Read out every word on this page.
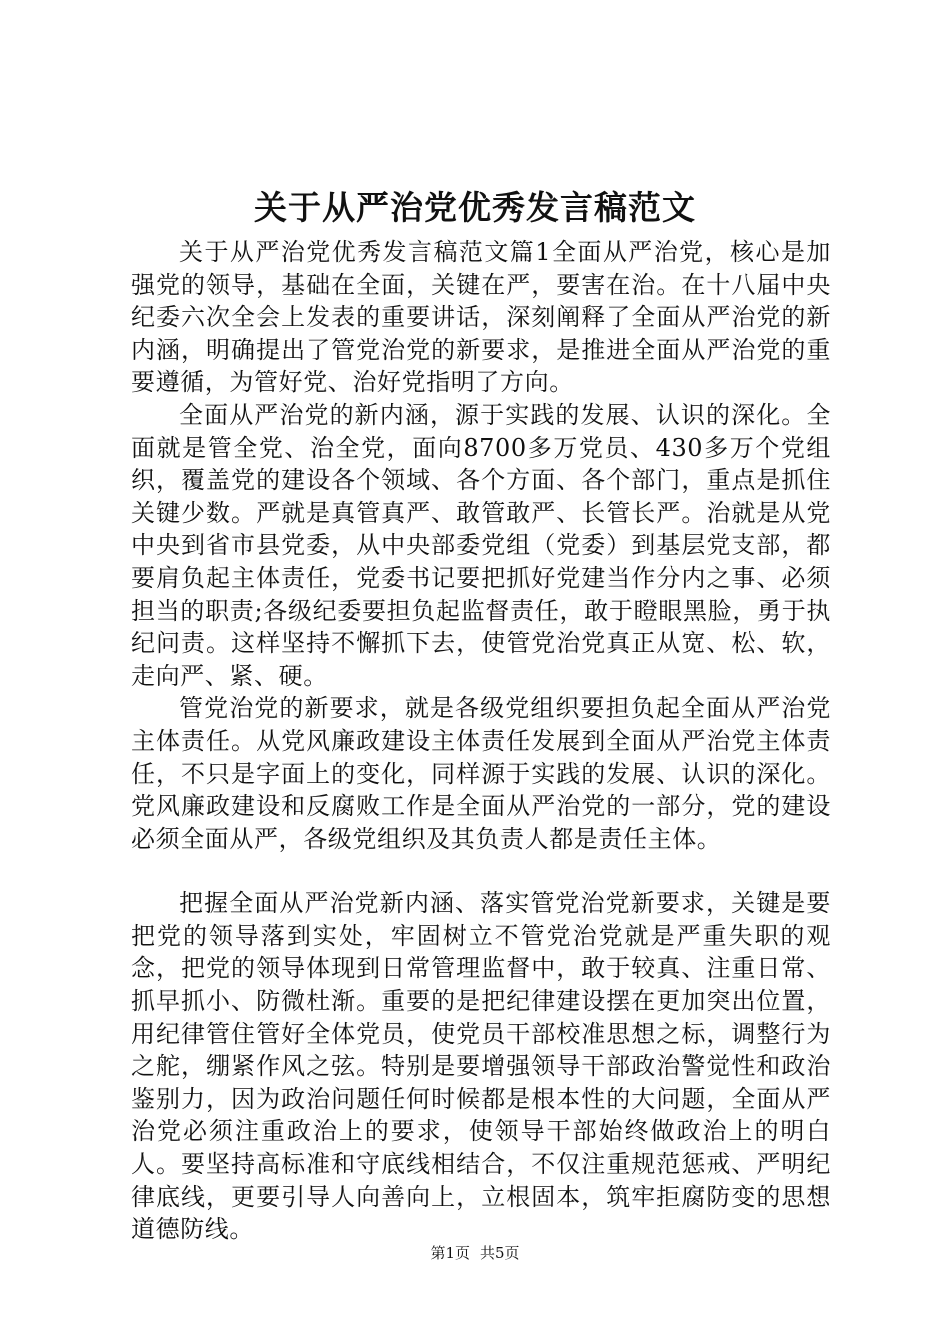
关于从严治党优秀发言稿范文

关于从严治党优秀发言稿范文篇1全面从严治党，核心是加强党的领导，基础在全面，关键在严，要害在治。在十八届中央纪委六次全会上发表的重要讲话，深刻阐释了全面从严治党的新内涵，明确提出了管党治党的新要求，是推进全面从严治党的重要遵循，为管好党、治好党指明了方向。

全面从严治党的新内涵，源于实践的发展、认识的深化。全面就是管全党、治全党，面向8700多万党员、430多万个党组织，覆盖党的建设各个领域、各个方面、各个部门，重点是抓住关键少数。严就是真管真严、敢管敢严、长管长严。治就是从党中央到省市县党委，从中央部委党组（党委）到基层党支部，都要肩负起主体责任，党委书记要把抓好党建当作分内之事、必须担当的职责;各级纪委要担负起监督责任，敢于瞪眼黑脸，勇于执纪问责。这样坚持不懈抓下去，使管党治党真正从宽、松、软，走向严、紧、硬。

管党治党的新要求，就是各级党组织要担负起全面从严治党主体责任。从党风廉政建设主体责任发展到全面从严治党主体责任，不只是字面上的变化，同样源于实践的发展、认识的深化。党风廉政建设和反腐败工作是全面从严治党的一部分，党的建设必须全面从严，各级党组织及其负责人都是责任主体。

把握全面从严治党新内涵、落实管党治党新要求，关键是要把党的领导落到实处，牢固树立不管党治党就是严重失职的观念，把党的领导体现到日常管理监督中，敢于较真、注重日常、抓早抓小、防微杜渐。重要的是把纪律建设摆在更加突出位置，用纪律管住管好全体党员，使党员干部校准思想之标，调整行为之舵，绷紧作风之弦。特别是要增强领导干部政治警觉性和政治鉴别力，因为政治问题任何时候都是根本性的大问题，全面从严治党必须注重政治上的要求，使领导干部始终做政治上的明白人。要坚持高标准和守底线相结合，不仅注重规范惩戒、严明纪律底线，更要引导人向善向上，立根固本，筑牢拒腐防变的思想道德防线。

第1页 共5页
